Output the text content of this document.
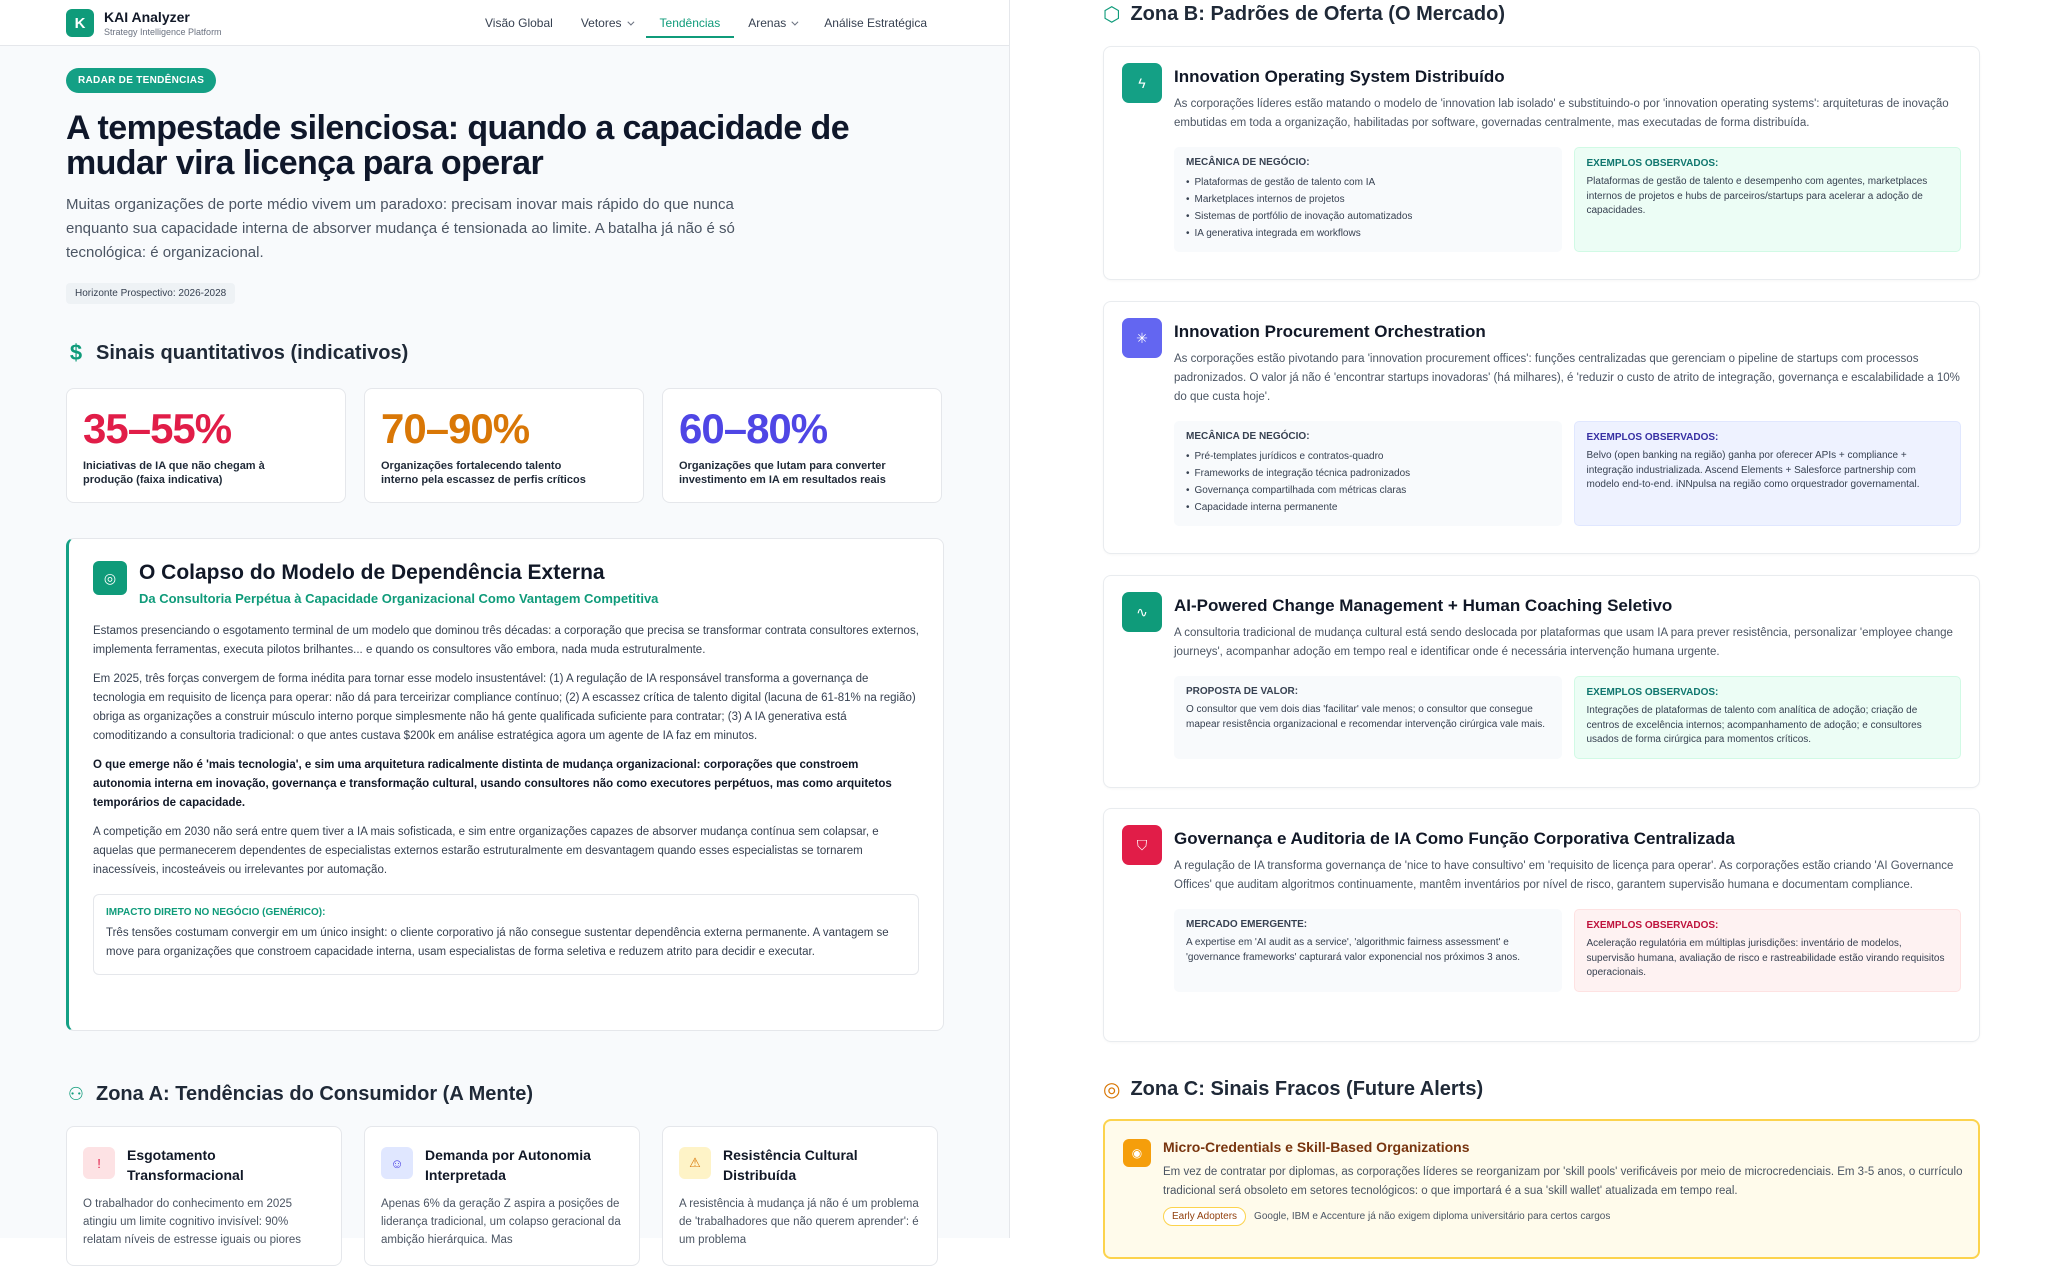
K	KAI Analyzer
Strategy Intelligence Platform
Visão Global Vetores	Tendências Arenas	Análise Estratégica
RADAR DE TENDÊNCIAS
A tempestade silenciosa: quando a capacidade de mudar vira licença para operar
Muitas organizações de porte médio vivem um paradoxo: precisam inovar mais rápido do que nunca enquanto sua capacidade interna de absorver mudança é tensionada ao limite. A batalha já não é só tecnológica: é organizacional.
Horizonte Prospectivo: 2026-2028
$ Sinais quantitativos (indicativos)
35–55%
Iniciativas de IA que não chegam à produção (faixa indicativa)
70–90%
Organizações fortalecendo talento interno pela escassez de perfis críticos
60–80%
Organizações que lutam para converter investimento em IA em resultados reais
◎	O Colapso do Modelo de Dependência Externa
Da Consultoria Perpétua à Capacidade Organizacional Como Vantagem Competitiva
Estamos presenciando o esgotamento terminal de um modelo que dominou três décadas: a corporação que precisa se transformar contrata consultores externos, implementa ferramentas, executa pilotos brilhantes... e quando os consultores vão embora, nada muda estruturalmente.
Em 2025, três forças convergem de forma inédita para tornar esse modelo insustentável: (1) A regulação de IA responsável transforma a governança de tecnologia em requisito de licença para operar: não dá para terceirizar compliance contínuo; (2) A escassez crítica de talento digital (lacuna de 61-81% na região) obriga as organizações a construir músculo interno porque simplesmente não há gente qualificada suficiente para contratar; (3) A IA generativa está comoditizando a consultoria tradicional: o que antes custava $200k em análise estratégica agora um agente de IA faz em minutos.
O que emerge não é 'mais tecnologia', e sim uma arquitetura radicalmente distinta de mudança organizacional: corporações que constroem autonomia interna em inovação, governança e transformação cultural, usando consultores não como executores perpétuos, mas como arquitetos temporários de capacidade.
A competição em 2030 não será entre quem tiver a IA mais sofisticada, e sim entre organizações capazes de absorver mudança contínua sem colapsar, e aquelas que permanecerem dependentes de especialistas externos estarão estruturalmente em desvantagem quando esses especialistas se tornarem inacessíveis, incosteáveis ou irrelevantes por automação.
IMPACTO DIRETO NO NEGÓCIO (GENÉRICO):
Três tensões costumam convergir em um único insight: o cliente corporativo já não consegue sustentar dependência externa permanente. A vantagem se move para organizações que constroem capacidade interna, usam especialistas de forma seletiva e reduzem atrito para decidir e executar.
⚇ Zona A: Tendências do Consumidor (A Mente)
!	Esgotamento Transformacional
O trabalhador do conhecimento em 2025 atingiu um limite cognitivo invisível: 90% relatam níveis de estresse iguais ou piores
☺	Demanda por Autonomia Interpretada
Apenas 6% da geração Z aspira a posições de liderança tradicional, um colapso geracional da ambição hierárquica. Mas
⚠	Resistência Cultural Distribuída
A resistência à mudança já não é um problema de 'trabalhadores que não querem aprender': é um problema
⬡ Zona B: Padrões de Oferta (O Mercado)
ϟ	Innovation Operating System Distribuído
As corporações líderes estão matando o modelo de 'innovation lab isolado' e substituindo-o por 'innovation operating systems': arquiteturas de inovação embutidas em toda a organização, habilitadas por software, governadas centralmente, mas executadas de forma distribuída.
MECÂNICA DE NEGÓCIO:
• Plataformas de gestão de talento com IA
• Marketplaces internos de projetos
• Sistemas de portfólio de inovação automatizados
• IA generativa integrada em workflows
EXEMPLOS OBSERVADOS:

Plataformas de gestão de talento e desempenho com agentes, marketplaces internos de projetos e hubs de parceiros/startups para acelerar a adoção de capacidades.

✳	Innovation Procurement Orchestration
As corporações estão pivotando para 'innovation procurement offices': funções centralizadas que gerenciam o pipeline de startups com processos padronizados. O valor já não é 'encontrar startups inovadoras' (há milhares), é 'reduzir o custo de atrito de integração, governança e escalabilidade a 10% do que custa hoje'.
MECÂNICA DE NEGÓCIO:
• Pré-templates jurídicos e contratos-quadro
• Frameworks de integração técnica padronizados
• Governança compartilhada com métricas claras
• Capacidade interna permanente
EXEMPLOS OBSERVADOS:

Belvo (open banking na região) ganha por oferecer APIs + compliance + integração industrializada. Ascend Elements + Salesforce partnership com modelo end-to-end. iNNpulsa na região como orquestrador governamental.

∿	AI-Powered Change Management + Human Coaching Seletivo
A consultoria tradicional de mudança cultural está sendo deslocada por plataformas que usam IA para prever resistência, personalizar 'employee change journeys', acompanhar adoção em tempo real e identificar onde é necessária intervenção humana urgente.
PROPOSTA DE VALOR:

O consultor que vem dois dias 'facilitar' vale menos; o consultor que consegue mapear resistência organizacional e recomendar intervenção cirúrgica vale mais.

EXEMPLOS OBSERVADOS:

Integrações de plataformas de talento com analítica de adoção; criação de centros de excelência internos; acompanhamento de adoção; e consultores usados de forma cirúrgica para momentos críticos.

⛉	Governança e Auditoria de IA Como Função Corporativa Centralizada
A regulação de IA transforma governança de 'nice to have consultivo' em 'requisito de licença para operar'. As corporações estão criando 'AI Governance Offices' que auditam algoritmos continuamente, mantêm inventários por nível de risco, garantem supervisão humana e documentam compliance.
MERCADO EMERGENTE:

A expertise em 'AI audit as a service', 'algorithmic fairness assessment' e 'governance frameworks' capturará valor exponencial nos próximos 3 anos.

EXEMPLOS OBSERVADOS:

Aceleração regulatória em múltiplas jurisdições: inventário de modelos, supervisão humana, avaliação de risco e rastreabilidade estão virando requisitos operacionais.

◎ Zona C: Sinais Fracos (Future Alerts)
◉	Micro-Credentials e Skill-Based Organizations
Em vez de contratar por diplomas, as corporações líderes se reorganizam por 'skill pools' verificáveis por meio de microcredenciais. Em 3-5 anos, o currículo tradicional será obsoleto em setores tecnológicos: o que importará é a sua 'skill wallet' atualizada em tempo real.
Early Adopters	Google, IBM e Accenture já não exigem diploma universitário para certos cargos
